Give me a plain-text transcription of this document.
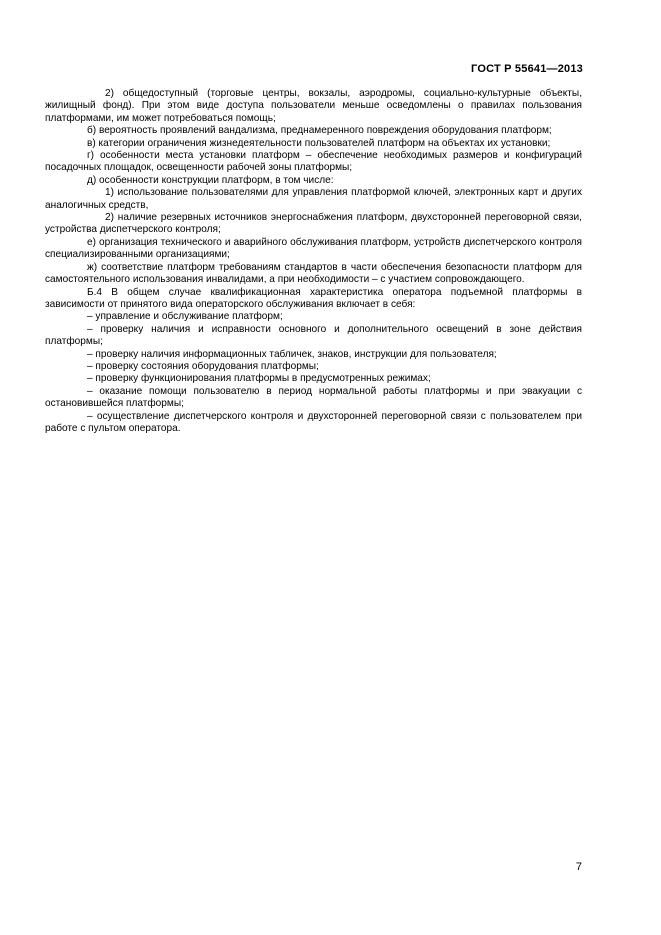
ГОСТ Р 55641—2013

2) общедоступный (торговые центры, вокзалы, аэродромы, социально-культурные объекты, жилищный фонд). При этом виде доступа пользователи меньше осведомлены о правилах пользования платформами, им может потребоваться помощь;

б) вероятность проявлений вандализма, преднамеренного повреждения оборудования платформ;

в) категории ограничения жизнедеятельности пользователей платформ на объектах их установки;

г) особенности места установки платформ – обеспечение необходимых размеров и конфигураций посадочных площадок, освещенности рабочей зоны платформы;

д) особенности конструкции платформ, в том числе:

1) использование пользователями для управления платформой ключей, электронных карт и других аналогичных средств,

2) наличие резервных источников энергоснабжения платформ, двухсторонней переговорной связи, устройства диспетчерского контроля;

е) организация технического и аварийного обслуживания платформ, устройств диспетчерского контроля специализированными организациями;

ж) соответствие платформ требованиям стандартов в части обеспечения безопасности платформ для самостоятельного использования инвалидами, а при необходимости – с участием сопровождающего.

Б.4 В общем случае квалификационная характеристика оператора подъемной платформы в зависимости от принятого вида операторского обслуживания включает в себя:

– управление и обслуживание платформ;

– проверку наличия и исправности основного и дополнительного освещений в зоне действия платформы;

– проверку наличия информационных табличек, знаков, инструкции для пользователя;

– проверку состояния оборудования платформы;

– проверку функционирования платформы в предусмотренных режимах;

– оказание помощи пользователю в период нормальной работы платформы и при эвакуации с остановившейся платформы;

– осуществление диспетчерского контроля и двухсторонней переговорной связи с пользователем при работе с пультом оператора.

7
